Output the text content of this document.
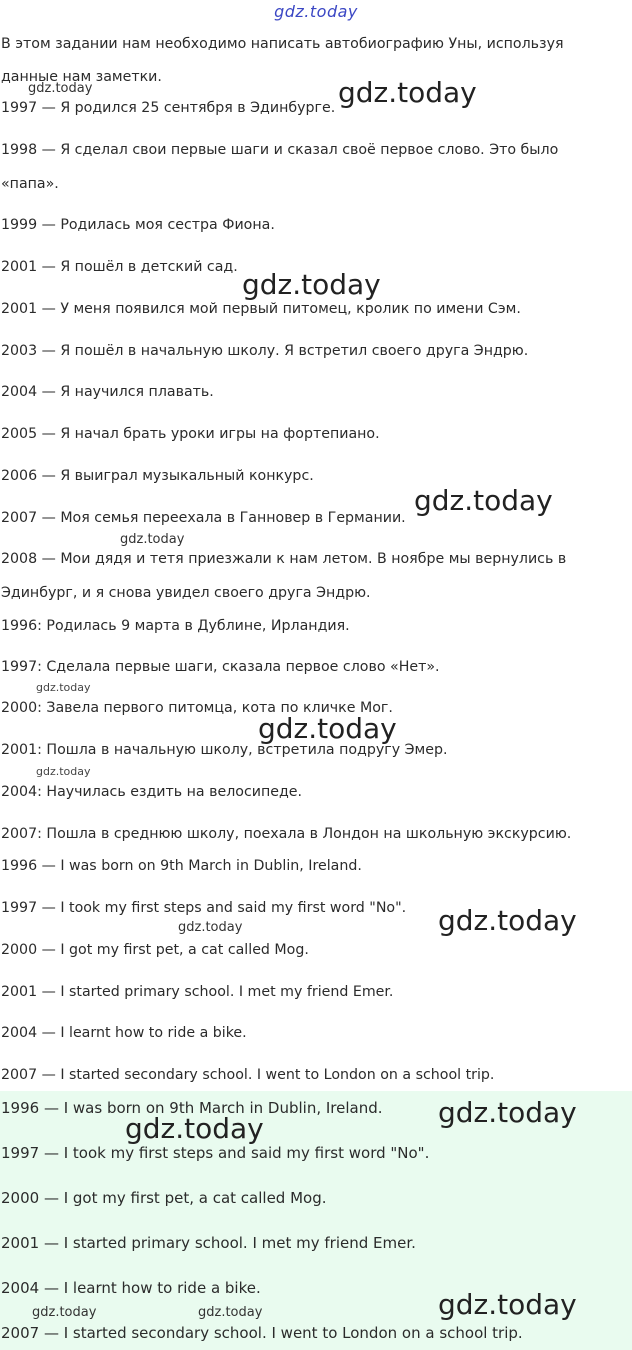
gdz.today
В этом задании нам необходимо написать автобиографию Уны, используя
данные нам заметки.
1997 — Я родился 25 сентября в Эдинбурге.
1998 — Я сделал свои первые шаги и сказал своё первое слово. Это было
«папа».
1999 — Родилась моя сестра Фиона.
2001 — Я пошёл в детский сад.
2001 — У меня появился мой первый питомец, кролик по имени Сэм.
2003 — Я пошёл в начальную школу. Я встретил своего друга Эндрю.
2004 — Я научился плавать.
2005 — Я начал брать уроки игры на фортепиано.
2006 — Я выиграл музыкальный конкурс.
2007 — Моя семья переехала в Ганновер в Германии.
2008 — Мои дядя и тетя приезжали к нам летом. В ноябре мы вернулись в
Эдинбург, и я снова увидел своего друга Эндрю.
1996: Родилась 9 марта в Дублине, Ирландия.
1997: Сделала первые шаги, сказала первое слово «Нет».
2000: Завела первого питомца, кота по кличке Мог.
2001: Пошла в начальную школу, встретила подругу Эмер.
2004: Научилась ездить на велосипеде.
2007: Пошла в среднюю школу, поехала в Лондон на школьную экскурсию.
1996 — I was born on 9th March in Dublin, Ireland.
1997 — I took my first steps and said my first word "No".
2000 — I got my first pet, a cat called Mog.
2001 — I started primary school. I met my friend Emer.
2004 — I learnt how to ride a bike.
2007 — I started secondary school. I went to London on a school trip.
1996 — I was born on 9th March in Dublin, Ireland.
1997 — I took my first steps and said my first word "No".
2000 — I got my first pet, a cat called Mog.
2001 — I started primary school. I met my friend Emer.
2004 — I learnt how to ride a bike.
2007 — I started secondary school. I went to London on a school trip.
gdz.today	gdz.today
gdz.today
gdz.today
gdz.today
gdz.today
gdz.today
gdz.today
gdz.today
gdz.today
gdz.today
gdz.today
gdz.today
gdz.today	gdz.today
